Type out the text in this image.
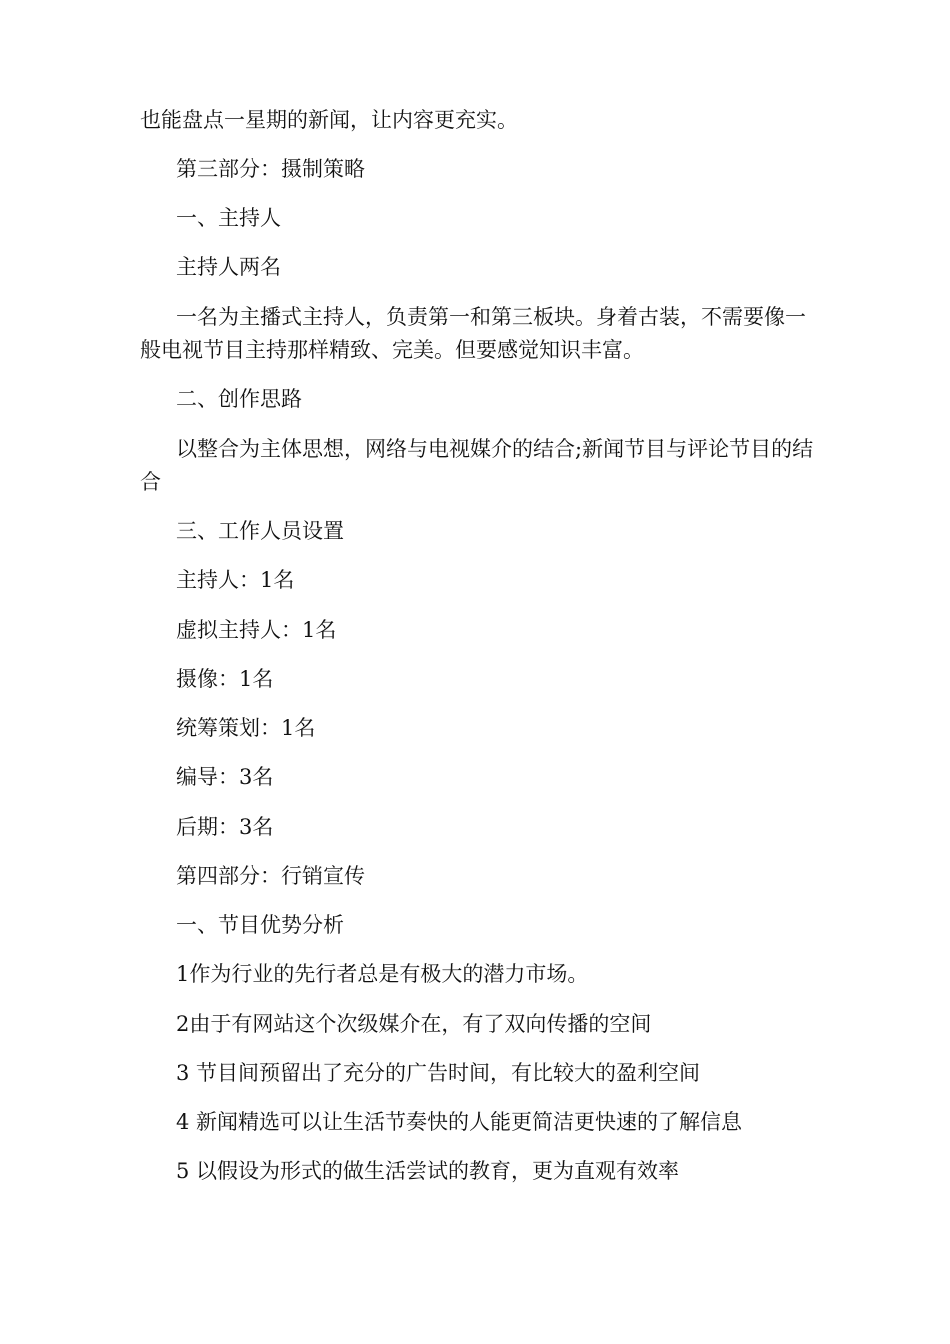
也能盘点一星期的新闻，让内容更充实。

第三部分：摄制策略

一、主持人

主持人两名

一名为主播式主持人，负责第一和第三板块。身着古装，不需要像一般电视节目主持那样精致、完美。但要感觉知识丰富。

二、创作思路

以整合为主体思想，网络与电视媒介的结合;新闻节目与评论节目的结合

三、工作人员设置

主持人：1名

虚拟主持人：1名

摄像：1名

统筹策划：1名

编导：3名

后期：3名

第四部分：行销宣传

一、节目优势分析

1作为行业的先行者总是有极大的潜力市场。

2由于有网站这个次级媒介在，有了双向传播的空间

3 节目间预留出了充分的广告时间，有比较大的盈利空间

4 新闻精选可以让生活节奏快的人能更简洁更快速的了解信息

5 以假设为形式的做生活尝试的教育，更为直观有效率
